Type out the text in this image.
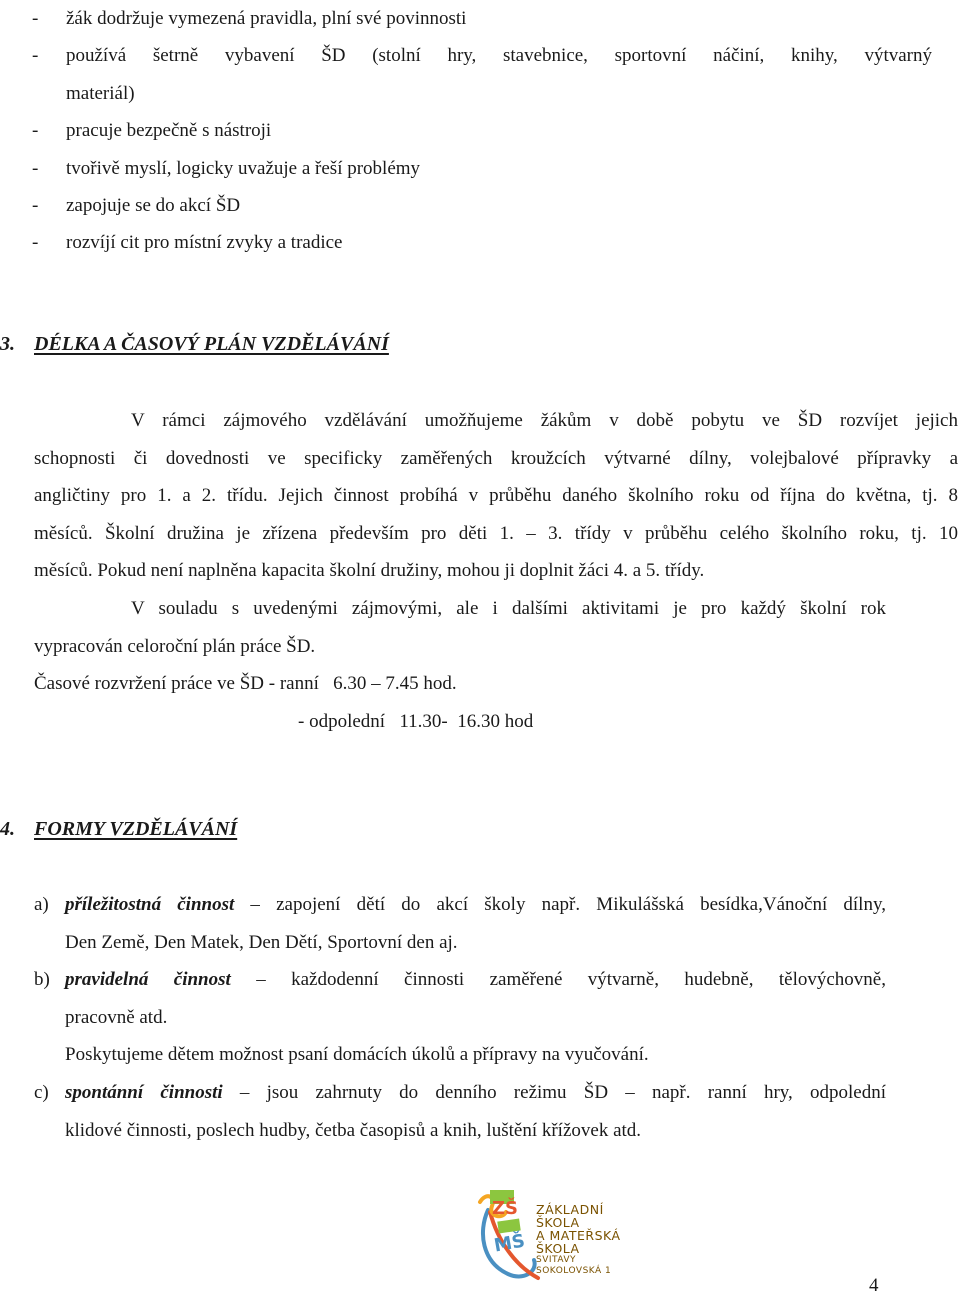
- žák dodržuje vymezená pravidla, plní své povinnosti
- používá šetrně vybavení ŠD (stolní hry, stavebnice, sportovní náčiní, knihy, výtvarný
materiál)
- pracuje bezpečně s nástroji
- tvořivě myslí, logicky uvažuje a řeší problémy
- zapojuje se do akcí ŠD
- rozvíjí cit pro místní zvyky a tradice
3. DÉLKA A ČASOVÝ PLÁN VZDĚLÁVÁNÍ
V rámci zájmového vzdělávání umožňujeme žákům v době pobytu ve ŠD rozvíjet jejich
schopnosti či dovednosti ve specificky zaměřených kroužcích výtvarné dílny, volejbalové přípravky a
angličtiny pro 1. a 2. třídu. Jejich činnost probíhá v průběhu daného školního roku od října do května, tj. 8
měsíců. Školní družina je zřízena především pro děti 1. – 3. třídy v průběhu celého školního roku, tj. 10
měsíců. Pokud není naplněna kapacita školní družiny, mohou ji doplnit žáci 4. a 5. třídy.
V souladu s uvedenými zájmovými, ale i dalšími aktivitami je pro každý školní rok
vypracován celoroční plán práce ŠD.
Časové rozvržení práce ve ŠD - ranní   6.30 – 7.45 hod.
- odpolední   11.30-  16.30 hod
4. FORMY VZDĚLÁVÁNÍ
a) příležitostná činnost – zapojení dětí do akcí školy např. Mikulášská besídka,Vánoční dílny,
Den Země, Den Matek, Den Dětí, Sportovní den aj.
b) pravidelná činnost – každodenní činnosti zaměřené výtvarně, hudebně, tělovýchovně,
pracovně atd.
Poskytujeme dětem možnost psaní domácích úkolů a přípravy na vyučování.
c) spontánní činnosti – jsou zahrnuty do denního režimu ŠD – např. ranní hry, odpolední
klidové činnosti, poslech hudby, četba časopisů a knih, luštění křížovek atd.
ZŠ
MŠ
ZÁKLADNÍ
ŠKOLA
A MATEŘSKÁ
ŠKOLA
SVITAVY
SOKOLOVSKÁ 1
4
